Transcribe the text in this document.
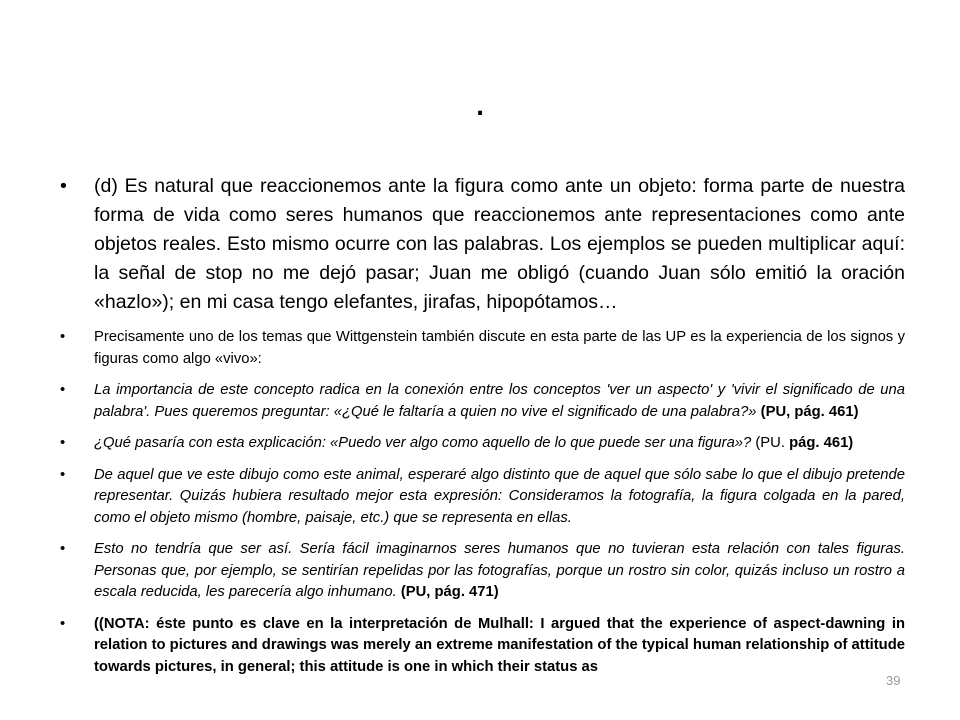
.
• (d) Es natural que reaccionemos ante la figura como ante un objeto: forma parte de nuestra forma de vida como seres humanos que reaccionemos ante representaciones como ante objetos reales. Esto mismo ocurre con las palabras. Los ejemplos se pueden multiplicar aquí: la señal de stop no me dejó pasar; Juan me obligó (cuando Juan sólo emitió la oración «hazlo»); en mi casa tengo elefantes, jirafas, hipopótamos…
• Precisamente uno de los temas que Wittgenstein también discute en esta parte de las UP es la experiencia de los signos y figuras como algo «vivo»:
• La importancia de este concepto radica en la conexión entre los conceptos 'ver un aspecto' y 'vivir el significado de una palabra'. Pues queremos preguntar: «¿Qué le faltaría a quien no vive el significado de una palabra?» (PU, pág. 461)
• ¿Qué pasaría con esta explicación: «Puedo ver algo como aquello de lo que puede ser una figura»? (PU. pág. 461)
• De aquel que ve este dibujo como este animal, esperaré algo distinto que de aquel que sólo sabe lo que el dibujo pretende representar. Quizás hubiera resultado mejor esta expresión: Consideramos la fotografía, la figura colgada en la pared, como el objeto mismo (hombre, paisaje, etc.) que se representa en ellas.
• Esto no tendría que ser así. Sería fácil imaginarnos seres humanos que no tuvieran esta relación con tales figuras. Personas que, por ejemplo, se sentirían repelidas por las fotografías, porque un rostro sin color, quizás incluso un rostro a escala reducida, les parecería algo inhumano. (PU, pág. 471)
• ((NOTA: éste punto es clave en la interpretación de Mulhall: I argued that the experience of aspect-dawning in relation to pictures and drawings was merely an extreme manifestation of the typical human relationship of attitude towards pictures, in general; this attitude is one in which their status as
39
